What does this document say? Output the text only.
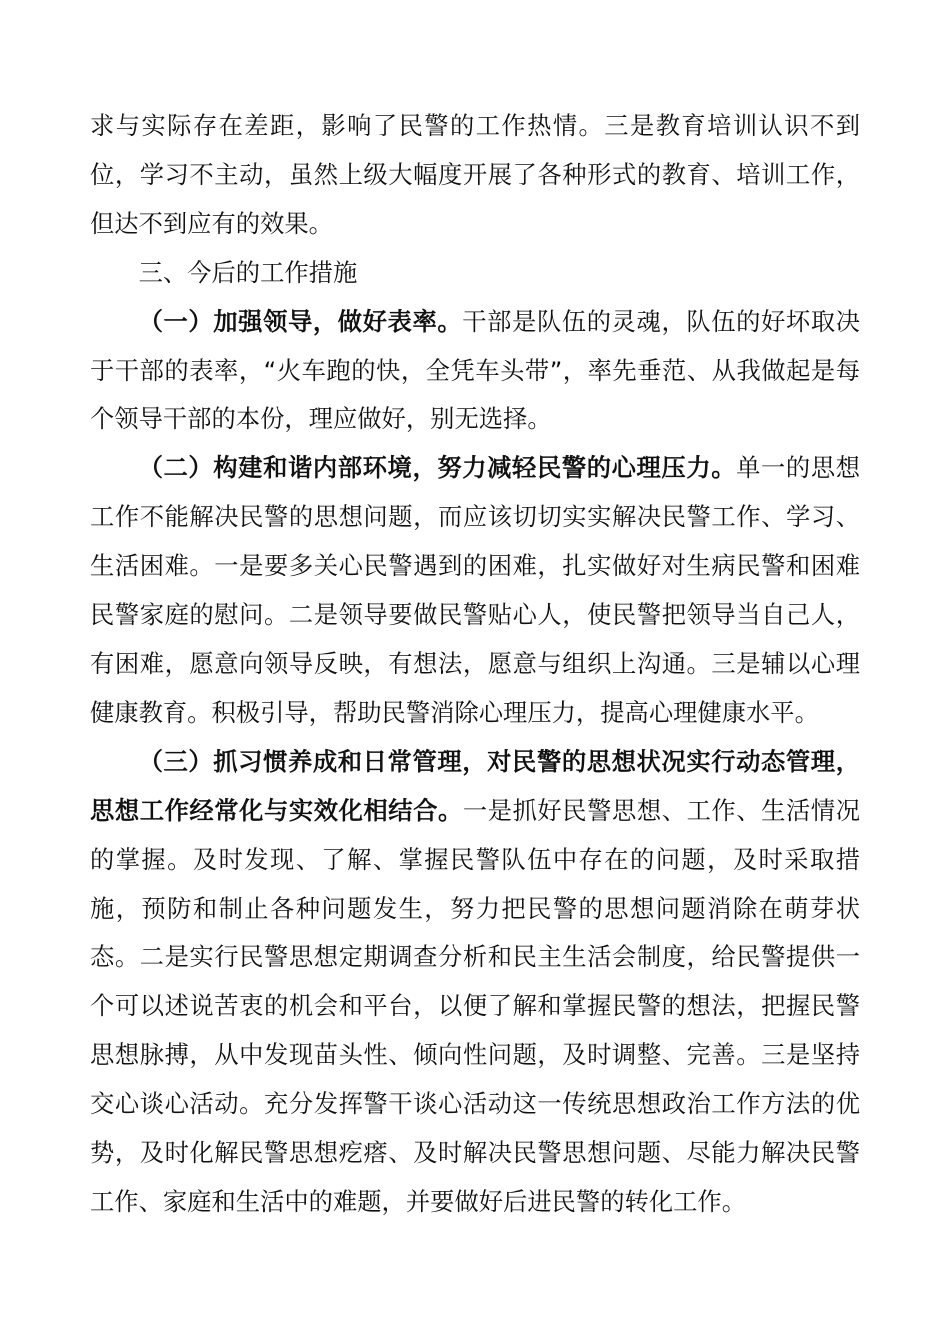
求与实际存在差距，影响了民警的工作热情。三是教育培训认识不到位，学习不主动，虽然上级大幅度开展了各种形式的教育、培训工作，但达不到应有的效果。

三、今后的工作措施

（一）加强领导，做好表率。干部是队伍的灵魂，队伍的好坏取决于干部的表率，“火车跑的快，全凭车头带”，率先垂范、从我做起是每个领导干部的本份，理应做好，别无选择。

（二）构建和谐内部环境，努力减轻民警的心理压力。单一的思想工作不能解决民警的思想问题，而应该切切实实解决民警工作、学习、生活困难。一是要多关心民警遇到的困难，扎实做好对生病民警和困难民警家庭的慰问。二是领导要做民警贴心人，使民警把领导当自己人，有困难，愿意向领导反映，有想法，愿意与组织上沟通。三是辅以心理健康教育。积极引导，帮助民警消除心理压力，提高心理健康水平。

（三）抓习惯养成和日常管理，对民警的思想状况实行动态管理，思想工作经常化与实效化相结合。一是抓好民警思想、工作、生活情况的掌握。及时发现、了解、掌握民警队伍中存在的问题，及时采取措施，预防和制止各种问题发生，努力把民警的思想问题消除在萌芽状态。二是实行民警思想定期调查分析和民主生活会制度，给民警提供一个可以述说苦衷的机会和平台，以便了解和掌握民警的想法，把握民警思想脉搏，从中发现苗头性、倾向性问题，及时调整、完善。三是坚持交心谈心活动。充分发挥警干谈心活动这一传统思想政治工作方法的优势，及时化解民警思想疙瘩、及时解决民警思想问题、尽能力解决民警工作、家庭和生活中的难题，并要做好后进民警的转化工作。
